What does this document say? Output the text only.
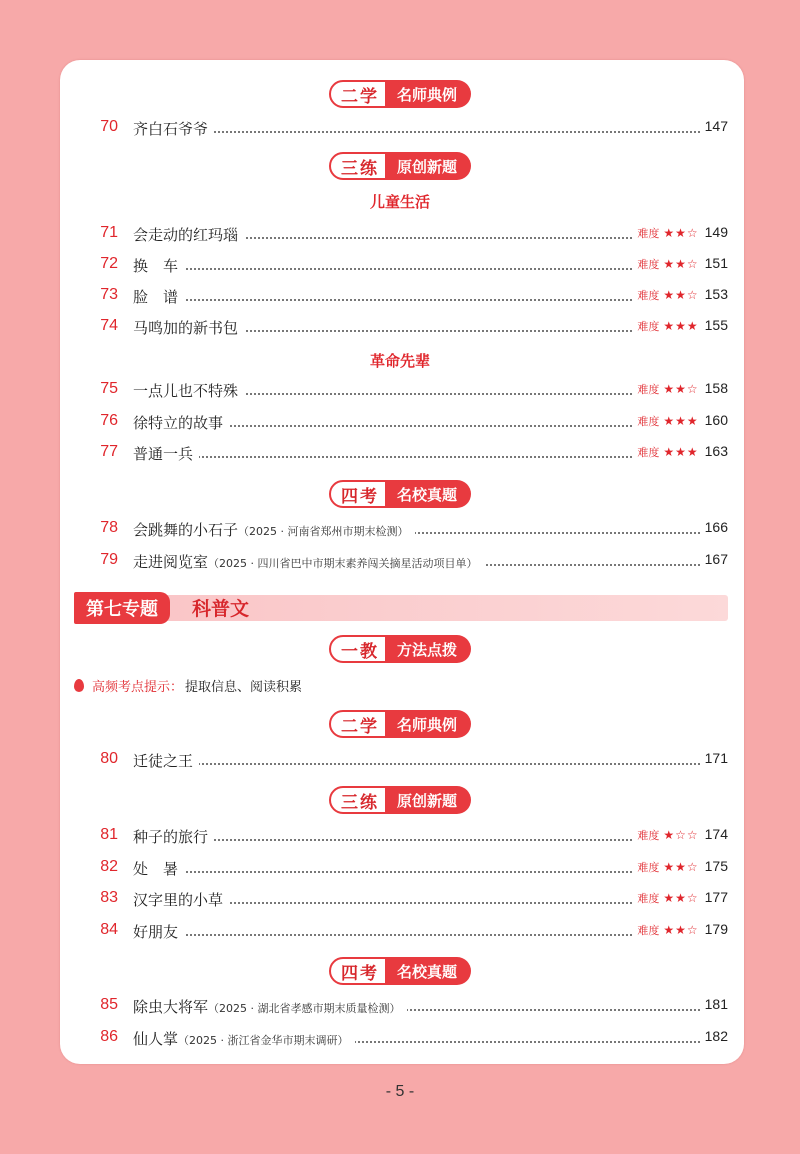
二学	名师典例
70 齐白石爷爷	147
三练	原创新题
儿童生活
71 会走动的红玛瑙	难度 ★★☆ 149
72 换　车	难度 ★★☆ 151
73 脸　谱	难度 ★★☆ 153
74 马鸣加的新书包	难度 ★★★ 155
革命先辈
75 一点儿也不特殊	难度 ★★☆ 158
76 徐特立的故事	难度 ★★★ 160
77 普通一兵	难度 ★★★ 163
四考	名校真题
78 会跳舞的小石子（2025 · 河南省郑州市期末检测）	166
79 走进阅览室（2025 · 四川省巴中市期末素养闯关摘星活动项目单）	167
第七专题	科普文
一教	方法点拨
高频考点提示： 提取信息、阅读积累
二学	名师典例
80 迁徒之王	171
三练	原创新题
81 种子的旅行	难度 ★☆☆ 174
82 处　暑	难度 ★★☆ 175
83 汉字里的小草	难度 ★★☆ 177
84 好朋友	难度 ★★☆ 179
四考	名校真题
85 除虫大将军（2025 · 湖北省孝感市期末质量检测）	181
86 仙人掌（2025 · 浙江省金华市期末调研）	182
- 5 -
